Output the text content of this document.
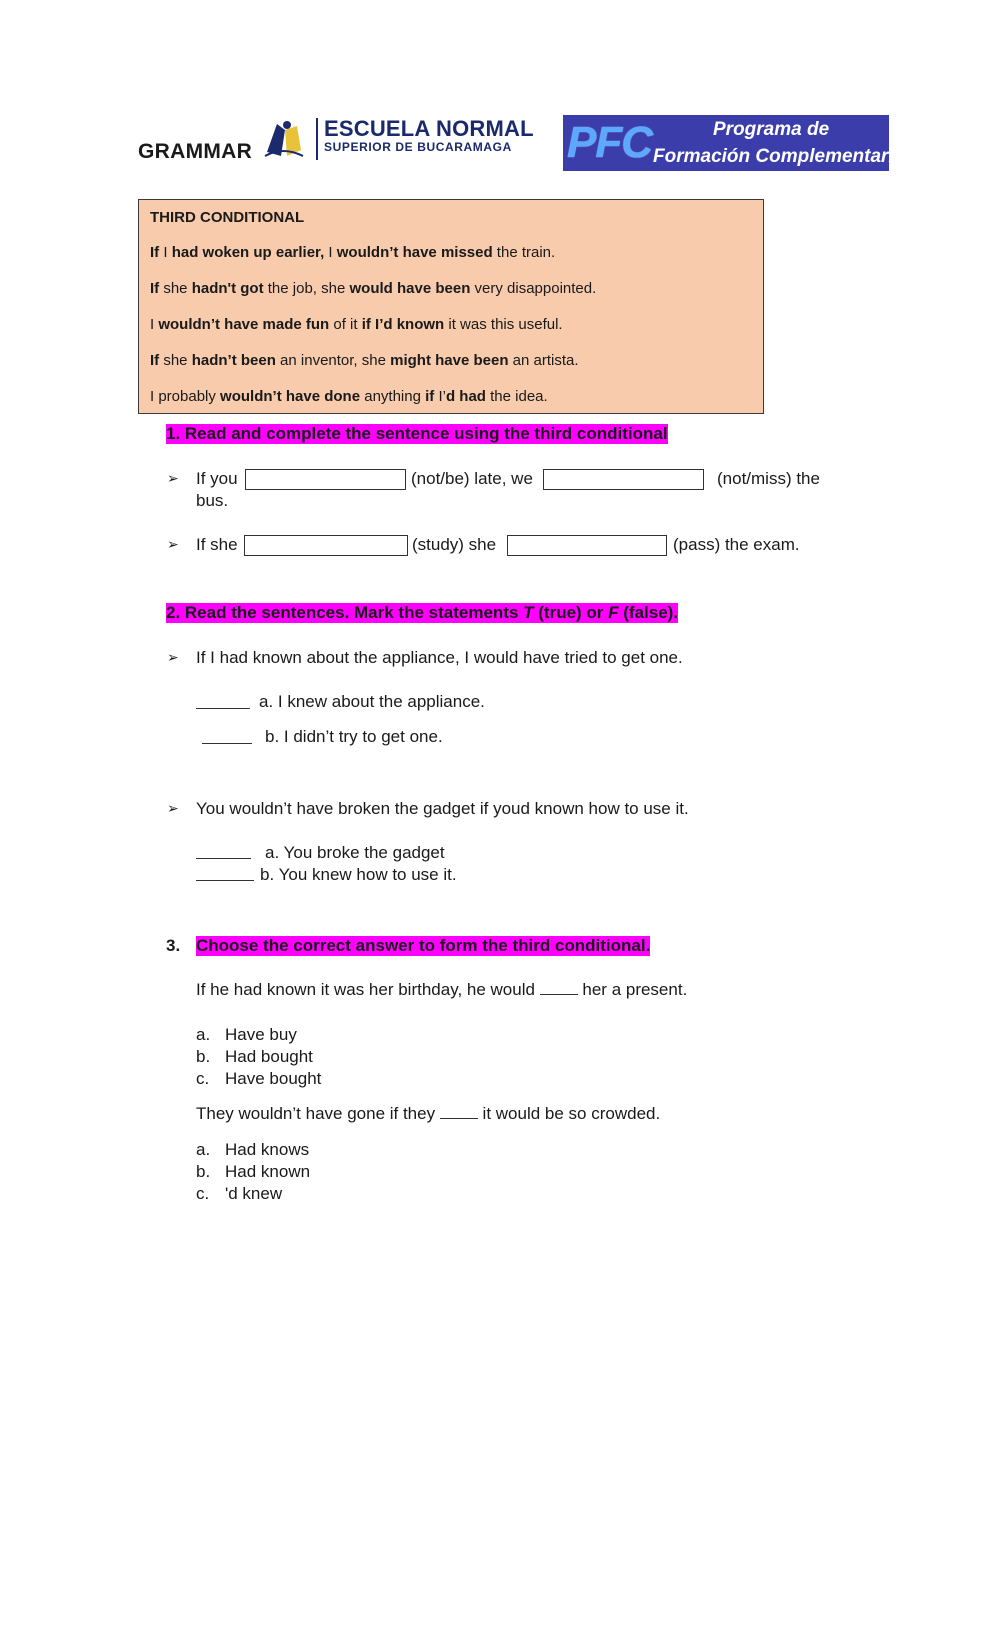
GRAMMAR
ESCUELA NORMAL
SUPERIOR DE BUCARAMAGA PFC	Programa de
Formación Complementaria
THIRD CONDITIONAL
If I had woken up earlier, I wouldn’t have missed the train.
If she hadn't got the job, she would have been very disappointed.
I wouldn’t have made fun of it if I’d known it was this useful.
If she hadn’t been an inventor, she might have been an artista.
I probably wouldn’t have done anything if I’d had the idea.
1. Read and complete the sentence using the third conditional
➢ If you	(not/be) late, we	(not/miss) the
bus.
➢ If she	(study) she	(pass) the exam.
2. Read the sentences. Mark the statements T (true) or F (false).
➢ If I had known about the appliance, I would have tried to get one.
a. I knew about the appliance.
b. I didn’t try to get one.
➢ You wouldn’t have broken the gadget if youd known how to use it.
a. You broke the gadget
b. You knew how to use it.
3. Choose the correct answer to form the third conditional.
If he had known it was her birthday, he would  her a present.
a. Have buy
b. Had bought
c. Have bought
They wouldn’t have gone if they  it would be so crowded.
a. Had knows
b. Had known
c. 'd knew
